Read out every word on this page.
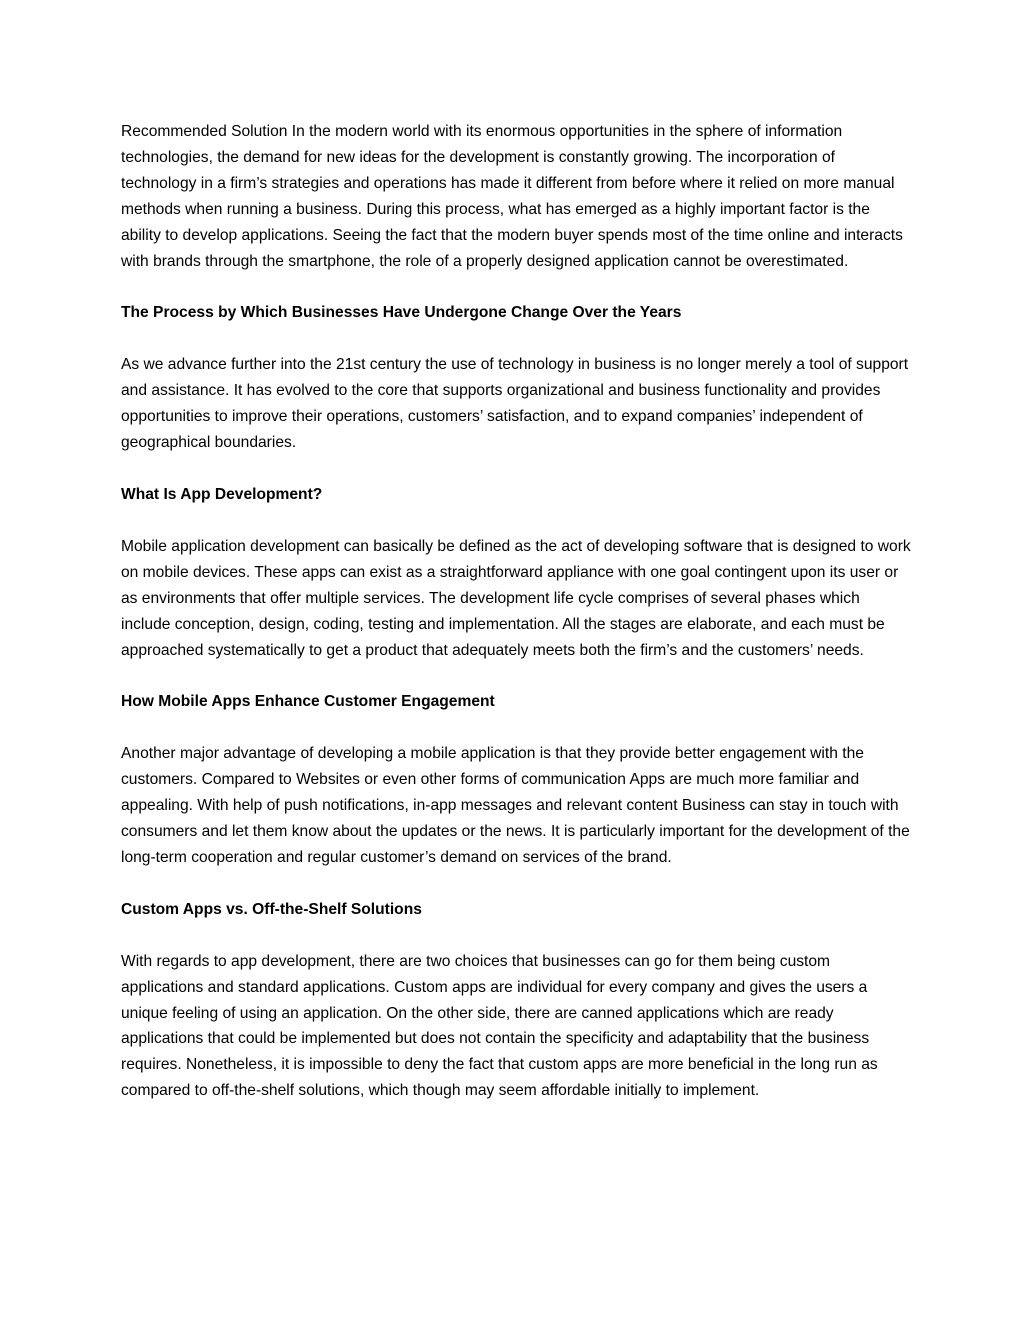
Recommended Solution In the modern world with its enormous opportunities in the sphere of information technologies, the demand for new ideas for the development is constantly growing. The incorporation of technology in a firm’s strategies and operations has made it different from before where it relied on more manual methods when running a business. During this process, what has emerged as a highly important factor is the ability to develop applications. Seeing the fact that the modern buyer spends most of the time online and interacts with brands through the smartphone, the role of a properly designed application cannot be overestimated.

The Process by Which Businesses Have Undergone Change Over the Years

As we advance further into the 21st century the use of technology in business is no longer merely a tool of support and assistance. It has evolved to the core that supports organizational and business functionality and provides opportunities to improve their operations, customers’ satisfaction, and to expand companies’ independent of geographical boundaries.

What Is App Development?

Mobile application development can basically be defined as the act of developing software that is designed to work on mobile devices. These apps can exist as a straightforward appliance with one goal contingent upon its user or as environments that offer multiple services. The development life cycle comprises of several phases which include conception, design, coding, testing and implementation. All the stages are elaborate, and each must be approached systematically to get a product that adequately meets both the firm’s and the customers’ needs.

How Mobile Apps Enhance Customer Engagement

Another major advantage of developing a mobile application is that they provide better engagement with the customers. Compared to Websites or even other forms of communication Apps are much more familiar and appealing. With help of push notifications, in-app messages and relevant content Business can stay in touch with consumers and let them know about the updates or the news. It is particularly important for the development of the long-term cooperation and regular customer’s demand on services of the brand.

Custom Apps vs. Off-the-Shelf Solutions

With regards to app development, there are two choices that businesses can go for them being custom applications and standard applications. Custom apps are individual for every company and gives the users a unique feeling of using an application. On the other side, there are canned applications which are ready applications that could be implemented but does not contain the specificity and adaptability that the business requires. Nonetheless, it is impossible to deny the fact that custom apps are more beneficial in the long run as compared to off-the-shelf solutions, which though may seem affordable initially to implement.
